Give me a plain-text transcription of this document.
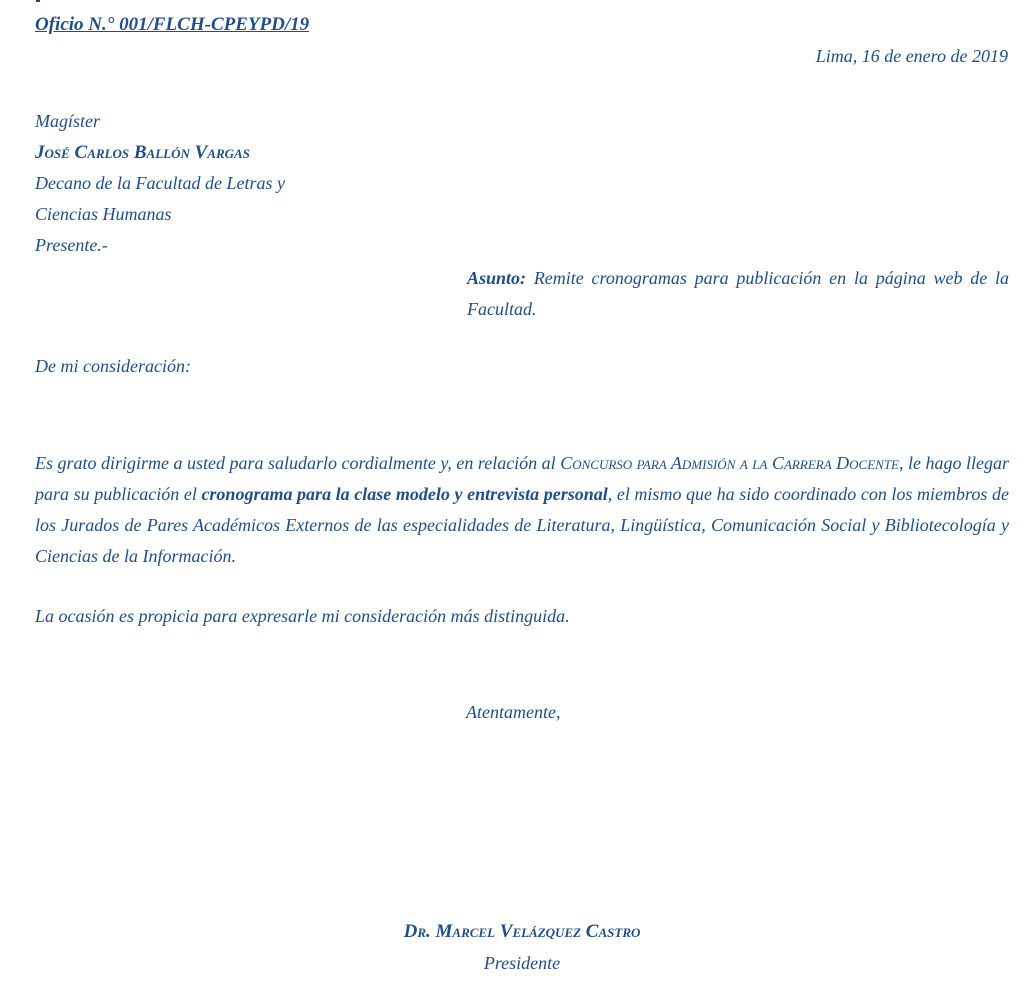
Oficio N.° 001/FLCH-CPEYPD/19

Lima, 16 de enero de 2019

Magíster
José Carlos Ballón Vargas
Decano de la Facultad de Letras y
Ciencias Humanas
Presente.-
Asunto: Remite cronogramas para publicación en la página web de la Facultad.

De mi consideración:

Es grato dirigirme a usted para saludarlo cordialmente y, en relación al Concurso para Admisión a la Carrera Docente, le hago llegar para su publicación el cronograma para la clase modelo y entrevista personal, el mismo que ha sido coordinado con los miembros de los Jurados de Pares Académicos Externos de las especialidades de Literatura, Lingüística, Comunicación Social y Bibliotecología y Ciencias de la Información.

La ocasión es propicia para expresarle mi consideración más distinguida.

Atentamente,

Dr. Marcel Velázquez Castro

Presidente
